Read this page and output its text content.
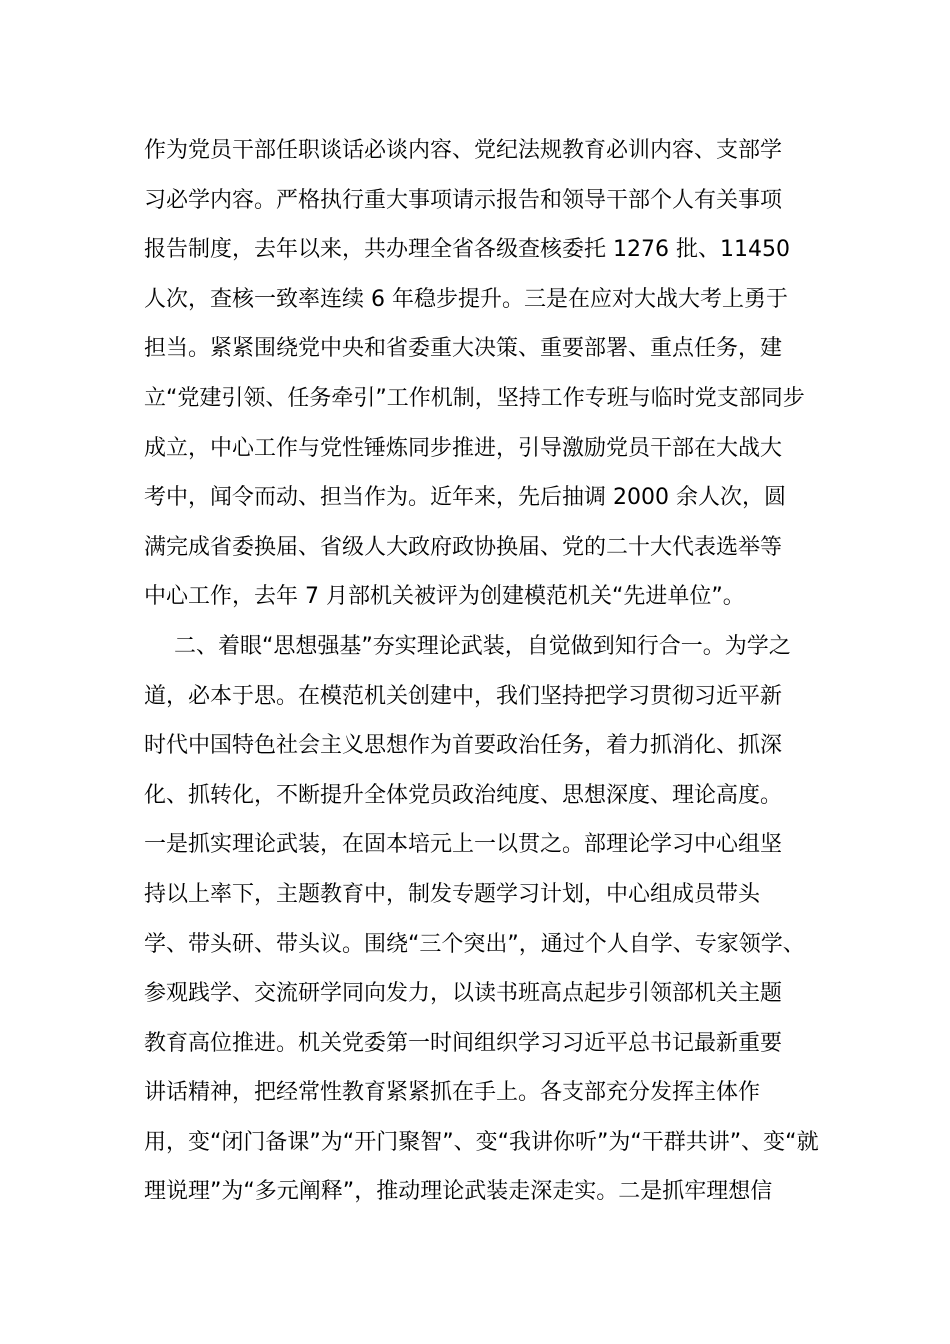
作为党员干部任职谈话必谈内容、党纪法规教育必训内容、支部学
习必学内容。严格执行重大事项请示报告和领导干部个人有关事项
报告制度，去年以来，共办理全省各级查核委托 1276 批、11450
人次，查核一致率连续 6 年稳步提升。三是在应对大战大考上勇于
担当。紧紧围绕党中央和省委重大决策、重要部署、重点任务，建
立“党建引领、任务牵引”工作机制，坚持工作专班与临时党支部同步
成立，中心工作与党性锤炼同步推进，引导激励党员干部在大战大
考中，闻令而动、担当作为。近年来，先后抽调 2000 余人次，圆
满完成省委换届、省级人大政府政协换届、党的二十大代表选举等
中心工作，去年 7 月部机关被评为创建模范机关“先进单位”。
二、着眼“思想强基”夯实理论武装，自觉做到知行合一。为学之
道，必本于思。在模范机关创建中，我们坚持把学习贯彻习近平新
时代中国特色社会主义思想作为首要政治任务，着力抓消化、抓深
化、抓转化，不断提升全体党员政治纯度、思想深度、理论高度。
一是抓实理论武装，在固本培元上一以贯之。部理论学习中心组坚
持以上率下，主题教育中，制发专题学习计划，中心组成员带头
学、带头研、带头议。围绕“三个突出”，通过个人自学、专家领学、
参观践学、交流研学同向发力，以读书班高点起步引领部机关主题
教育高位推进。机关党委第一时间组织学习习近平总书记最新重要
讲话精神，把经常性教育紧紧抓在手上。各支部充分发挥主体作
用，变“闭门备课”为“开门聚智”、变“我讲你听”为“干群共讲”、变“就
理说理”为“多元阐释”，推动理论武装走深走实。二是抓牢理想信
